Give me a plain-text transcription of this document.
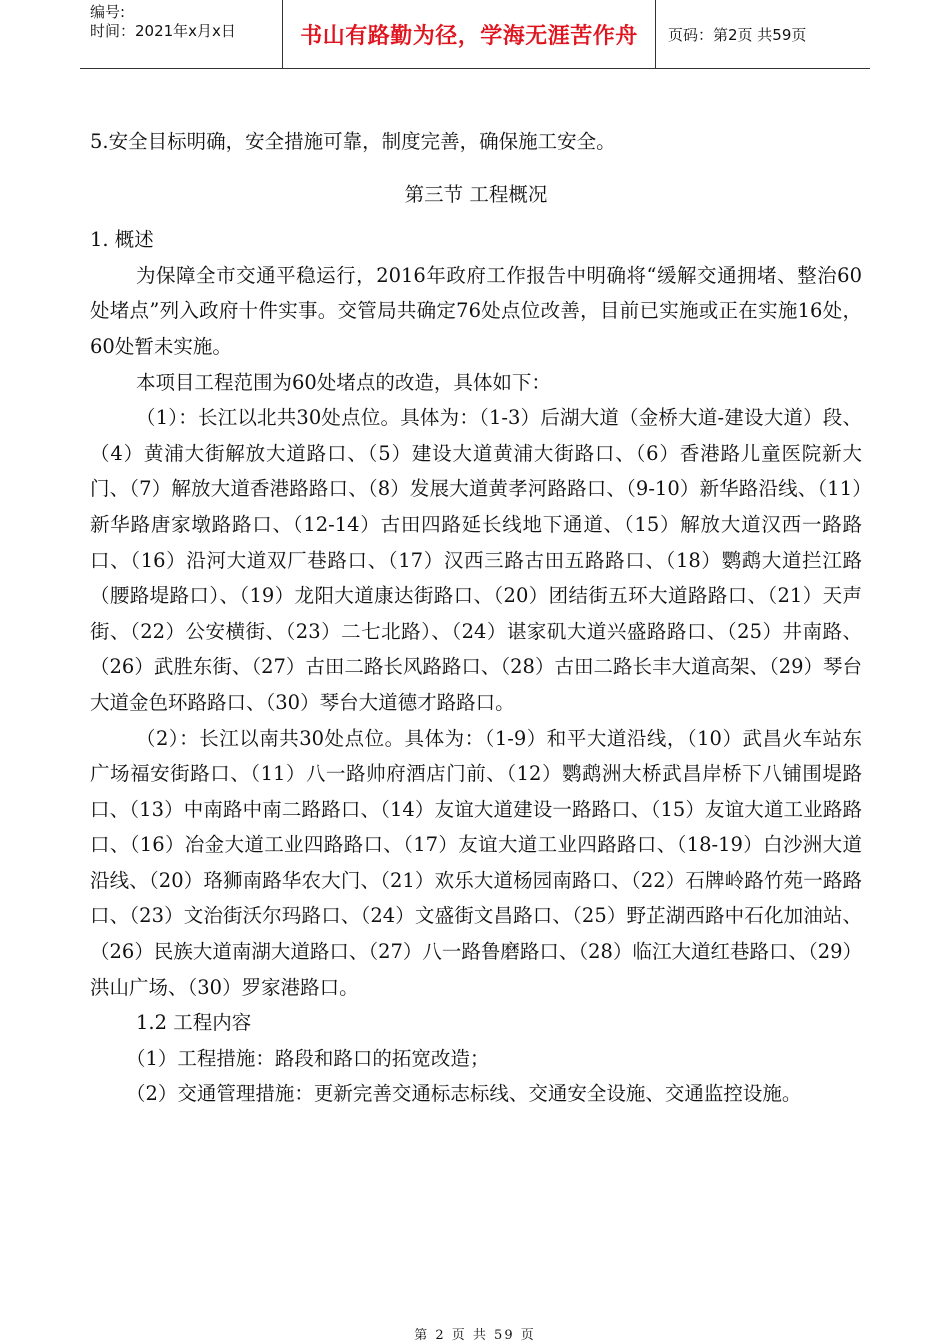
编号:
时间：2021年x月x日	书山有路勤为径，学海无涯苦作舟	页码：第2页 共59页

5.安全目标明确，安全措施可靠，制度完善，确保施工安全。

第三节 工程概况

1. 概述

为保障全市交通平稳运行，2016年政府工作报告中明确将“缓解交通拥堵、整治60处堵点”列入政府十件实事。交管局共确定76处点位改善，目前已实施或正在实施16处，60处暂未实施。

本项目工程范围为60处堵点的改造，具体如下：

（1）：长江以北共30处点位。具体为：（1-3）后湖大道（金桥大道-建设大道）段、（4）黄浦大街解放大道路口、（5）建设大道黄浦大街路口、（6）香港路儿童医院新大门、（7）解放大道香港路路口、（8）发展大道黄孝河路路口、（9-10）新华路沿线、（11）新华路唐家墩路路口、（12-14）古田四路延长线地下通道、（15）解放大道汉西一路路口、（16）沿河大道双厂巷路口、（17）汉西三路古田五路路口、（18）鹦鹉大道拦江路（腰路堤路口）、（19）龙阳大道康达街路口、（20）团结街五环大道路路口、（21）天声街、（22）公安横街、（23）二七北路）、（24）谌家矶大道兴盛路路口、（25）井南路、（26）武胜东街、（27）古田二路长风路路口、（28）古田二路长丰大道高架、（29）琴台大道金色环路路口、（30）琴台大道德才路路口。

（2）：长江以南共30处点位。具体为：（1-9）和平大道沿线，（10）武昌火车站东广场福安街路口、（11）八一路帅府酒店门前、（12）鹦鹉洲大桥武昌岸桥下八铺围堤路口、（13）中南路中南二路路口、（14）友谊大道建设一路路口、（15）友谊大道工业路路口、（16）冶金大道工业四路路口、（17）友谊大道工业四路路口、（18-19）白沙洲大道沿线、（20）珞狮南路华农大门、（21）欢乐大道杨园南路口、（22）石牌岭路竹苑一路路口、（23）文治街沃尔玛路口、（24）文盛街文昌路口、（25）野芷湖西路中石化加油站、（26）民族大道南湖大道路口、（27）八一路鲁磨路口、（28）临江大道红巷路口、（29）洪山广场、（30）罗家港路口。

1.2 工程内容

（1）工程措施：路段和路口的拓宽改造；

（2）交通管理措施：更新完善交通标志标线、交通安全设施、交通监控设施。

第 2 页 共 59 页
